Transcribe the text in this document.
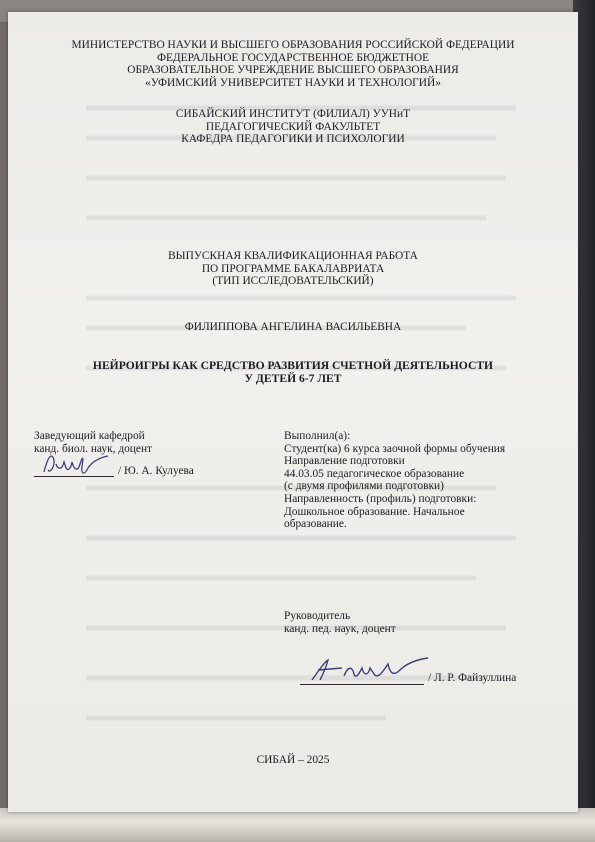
МИНИСТЕРСТВО НАУКИ И ВЫСШЕГО ОБРАЗОВАНИЯ РОССИЙСКОЙ ФЕДЕРАЦИИ
ФЕДЕРАЛЬНОЕ ГОСУДАРСТВЕННОЕ БЮДЖЕТНОЕ
ОБРАЗОВАТЕЛЬНОЕ УЧРЕЖДЕНИЕ ВЫСШЕГО ОБРАЗОВАНИЯ
«УФИМСКИЙ УНИВЕРСИТЕТ НАУКИ И ТЕХНОЛОГИЙ»
СИБАЙСКИЙ ИНСТИТУТ (ФИЛИАЛ) УУНиТ
ПЕДАГОГИЧЕСКИЙ ФАКУЛЬТЕТ
КАФЕДРА ПЕДАГОГИКИ И ПСИХОЛОГИИ
ВЫПУСКНАЯ КВАЛИФИКАЦИОННАЯ РАБОТА
ПО ПРОГРАММЕ БАКАЛАВРИАТА
(ТИП ИССЛЕДОВАТЕЛЬСКИЙ)
ФИЛИППОВА АНГЕЛИНА ВАСИЛЬЕВНА
НЕЙРОИГРЫ КАК СРЕДСТВО РАЗВИТИЯ СЧЕТНОЙ ДЕЯТЕЛЬНОСТИ
У ДЕТЕЙ 6-7 ЛЕТ
Заведующий кафедрой
канд. биол. наук, доцент
/ Ю. А. Кулуева
Выполнил(а):
Студент(ка) 6 курса заочной формы обучения
Направление подготовки
44.03.05 педагогическое образование
(с двумя профилями подготовки)
Направленность (профиль) подготовки:
Дошкольное образование. Начальное
образование.
Руководитель
канд. пед. наук, доцент
/ Л. Р. Файзуллина
СИБАЙ – 2025
